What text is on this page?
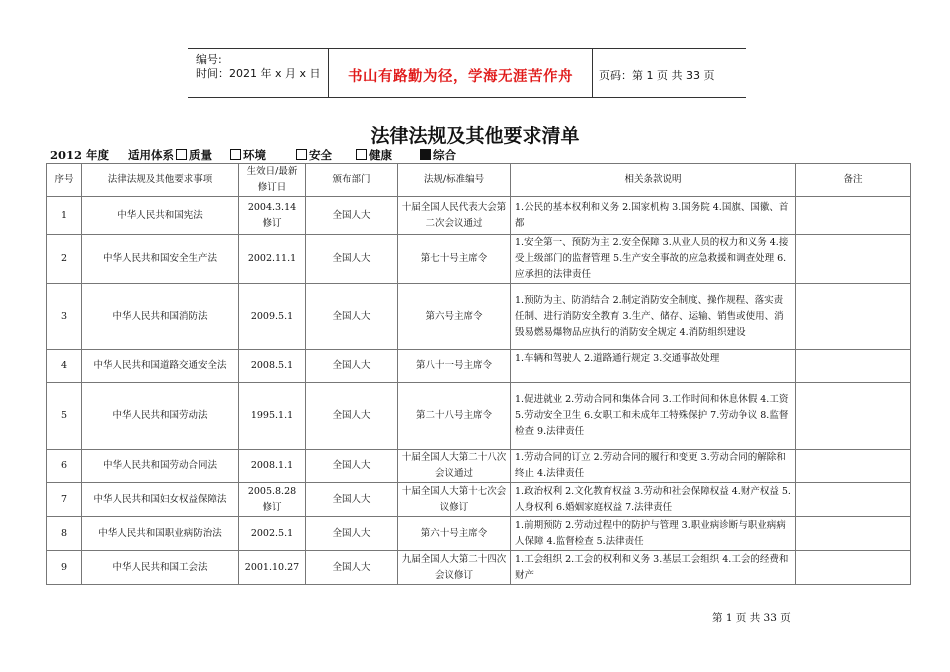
编号:
时间：2021 年 x 月 x 日	书山有路勤为径，学海无涯苦作舟	页码：第 1 页 共 33 页
法律法规及其他要求清单
2012 年度 适用体系	质量	环境	安全	健康	综合
序号	法律法规及其他要求事项	生效日/最新修订日	颁布部门	法规/标准编号	相关条款说明	备注
1	中华人民共和国宪法	2004.3.14 修订	全国人大	十届全国人民代表大会第二次会议通过	1.公民的基本权利和义务 2.国家机构 3.国务院 4.国旗、国徽、首都	
2	中华人民共和国安全生产法	2002.11.1	全国人大	第七十号主席令	1.安全第一、预防为主 2.安全保障 3.从业人员的权力和义务 4.接受上级部门的监督管理 5.生产安全事故的应急救援和调查处理 6.应承担的法律责任	
3	中华人民共和国消防法	2009.5.1	全国人大	第六号主席令	1.预防为主、防消结合 2.制定消防安全制度、操作规程、落实责任制、进行消防安全教育 3.生产、储存、运输、销售或使用、消毁易燃易爆物品应执行的消防安全规定 4.消防组织建设	
4	中华人民共和国道路交通安全法	2008.5.1	全国人大	第八十一号主席令	1.车辆和驾驶人 2.道路通行规定 3.交通事故处理	
5	中华人民共和国劳动法	1995.1.1	全国人大	第二十八号主席令	1.促进就业 2.劳动合同和集体合同 3.工作时间和休息休假 4.工资 5.劳动安全卫生 6.女职工和未成年工特殊保护 7.劳动争议 8.监督检查 9.法律责任	
6	中华人民共和国劳动合同法	2008.1.1	全国人大	十届全国人大第二十八次会议通过	1.劳动合同的订立 2.劳动合同的履行和变更 3.劳动合同的解除和终止 4.法律责任	
7	中华人民共和国妇女权益保障法	2005.8.28 修订	全国人大	十届全国人大第十七次会议修订	1.政治权利 2.文化教育权益 3.劳动和社会保障权益 4.财产权益 5.人身权利 6.婚姻家庭权益 7.法律责任	
8	中华人民共和国职业病防治法	2002.5.1	全国人大	第六十号主席令	1.前期预防 2.劳动过程中的防护与管理 3.职业病诊断与职业病病人保障 4.监督检查 5.法律责任	
9	中华人民共和国工会法	2001.10.27	全国人大	九届全国人大第二十四次会议修订	1.工会组织 2.工会的权利和义务 3.基层工会组织 4.工会的经费和财产	
第 1 页 共 33 页
